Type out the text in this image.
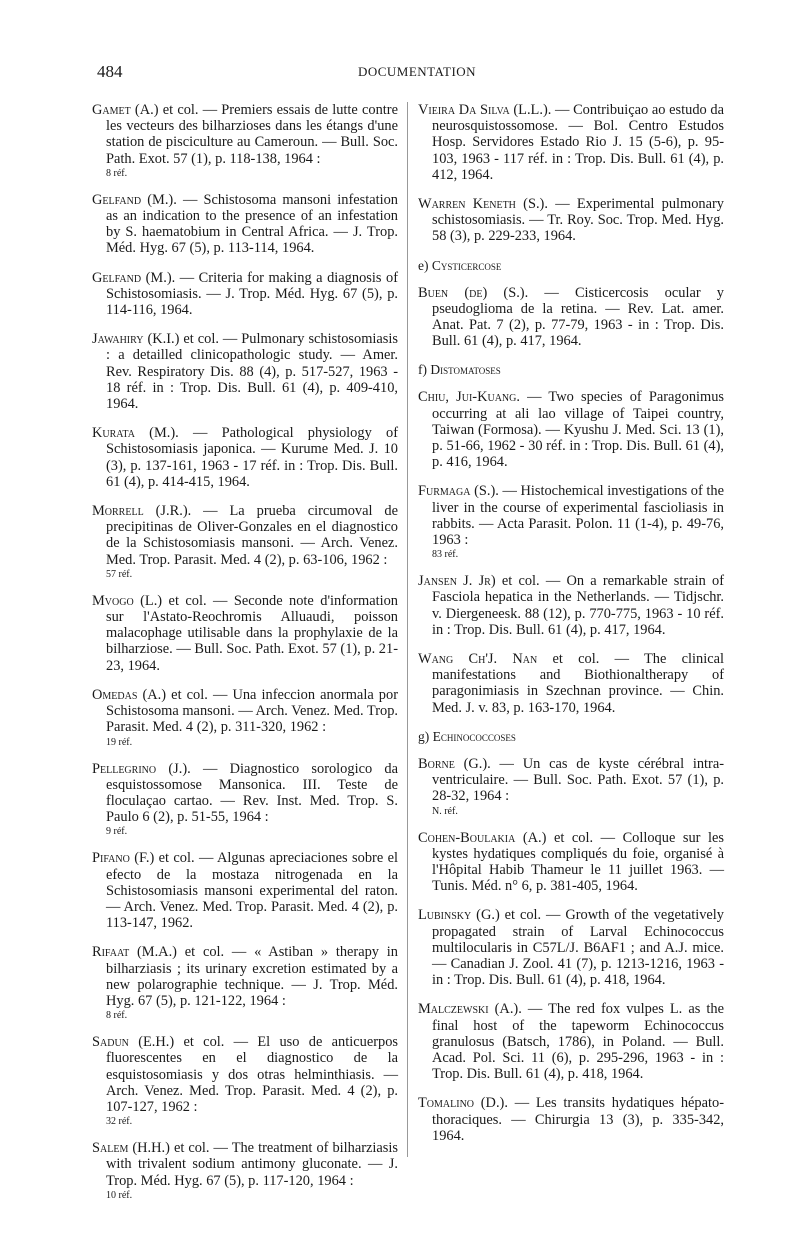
484	DOCUMENTATION

Gamet (A.) et col. — Premiers essais de lutte contre les vecteurs des bilharzioses dans les étangs d'une station de pisciculture au Cameroun. — Bull. Soc. Path. Exot. 57 (1), p. 118-138, 1964 :
8 réf.

Gelfand (M.). — Schistosoma mansoni infestation as an indication to the presence of an infestation by S. haematobium in Central Africa. — J. Trop. Méd. Hyg. 67 (5), p. 113-114, 1964.

Gelfand (M.). — Criteria for making a diagnosis of Schistosomiasis. — J. Trop. Méd. Hyg. 67 (5), p. 114-116, 1964.

Jawahiry (K.I.) et col. — Pulmonary schistosomiasis : a detailled clinicopathologic study. — Amer. Rev. Respiratory Dis. 88 (4), p. 517-527, 1963 - 18 réf. in : Trop. Dis. Bull. 61 (4), p. 409-410, 1964.

Kurata (M.). — Pathological physiology of Schistosomiasis japonica. — Kurume Med. J. 10 (3), p. 137-161, 1963 - 17 réf. in : Trop. Dis. Bull. 61 (4), p. 414-415, 1964.

Morrell (J.R.). — La prueba circumoval de precipitinas de Oliver-Gonzales en el diagnostico de la Schistosomiasis mansoni. — Arch. Venez. Med. Trop. Parasit. Med. 4 (2), p. 63-106, 1962 :
57 réf.

Mvogo (L.) et col. — Seconde note d'information sur l'Astato-Reochromis Alluaudi, poisson malacophage utilisable dans la prophylaxie de la bilharziose. — Bull. Soc. Path. Exot. 57 (1), p. 21-23, 1964.

Omedas (A.) et col. — Una infeccion anormala por Schistosoma mansoni. — Arch. Venez. Med. Trop. Parasit. Med. 4 (2), p. 311-320, 1962 :
19 réf.

Pellegrino (J.). — Diagnostico sorologico da esquistossomose Mansonica. III. Teste de floculaçao cartao. — Rev. Inst. Med. Trop. S. Paulo 6 (2), p. 51-55, 1964 :
9 réf.

Pifano (F.) et col. — Algunas apreciaciones sobre el efecto de la mostaza nitrogenada en la Schistosomiasis mansoni experimental del raton. — Arch. Venez. Med. Trop. Parasit. Med. 4 (2), p. 113-147, 1962.

Rifaat (M.A.) et col. — « Astiban » therapy in bilharziasis ; its urinary excretion estimated by a new polarographie technique. — J. Trop. Méd. Hyg. 67 (5), p. 121-122, 1964 :
8 réf.

Sadun (E.H.) et col. — El uso de anticuerpos fluorescentes en el diagnostico de la esquistosomiasis y dos otras helminthiasis. — Arch. Venez. Med. Trop. Parasit. Med. 4 (2), p. 107-127, 1962 :
32 réf.

Salem (H.H.) et col. — The treatment of bilharziasis with trivalent sodium antimony gluconate. — J. Trop. Méd. Hyg. 67 (5), p. 117-120, 1964 :
10 réf.

Vieira Da Silva (L.L.). — Contribuiçao ao estudo da neurosquistossomose. — Bol. Centro Estudos Hosp. Servidores Estado Rio J. 15 (5-6), p. 95-103, 1963 - 117 réf. in : Trop. Dis. Bull. 61 (4), p. 412, 1964.

Warren Keneth (S.). — Experimental pulmonary schistosomiasis. — Tr. Roy. Soc. Trop. Med. Hyg. 58 (3), p. 229-233, 1964.

e) Cysticercose

Buen (de) (S.). — Cisticercosis ocular y pseudoglioma de la retina. — Rev. Lat. amer. Anat. Pat. 7 (2), p. 77-79, 1963 - in : Trop. Dis. Bull. 61 (4), p. 417, 1964.

f) Distomatoses

Chiu, Jui-Kuang. — Two species of Paragonimus occurring at ali lao village of Taipei country, Taiwan (Formosa). — Kyushu J. Med. Sci. 13 (1), p. 51-66, 1962 - 30 réf. in : Trop. Dis. Bull. 61 (4), p. 416, 1964.

Furmaga (S.). — Histochemical investigations of the liver in the course of experimental fascioliasis in rabbits. — Acta Parasit. Polon. 11 (1-4), p. 49-76, 1963 :
83 réf.

Jansen J. Jr) et col. — On a remarkable strain of Fasciola hepatica in the Netherlands. — Tidjschr. v. Diergeneesk. 88 (12), p. 770-775, 1963 - 10 réf. in : Trop. Dis. Bull. 61 (4), p. 417, 1964.

Wang Ch'J. Nan et col. — The clinical manifestations and Biothionaltherapy of paragonimiasis in Szechnan province. — Chin. Med. J. v. 83, p. 163-170, 1964.

g) Echinococcoses

Borne (G.). — Un cas de kyste cérébral intra-ventriculaire. — Bull. Soc. Path. Exot. 57 (1), p. 28-32, 1964 :
N. réf.

Cohen-Boulakia (A.) et col. — Colloque sur les kystes hydatiques compliqués du foie, organisé à l'Hôpital Habib Thameur le 11 juillet 1963. — Tunis. Méd. n° 6, p. 381-405, 1964.

Lubinsky (G.) et col. — Growth of the vegetatively propagated strain of Larval Echinococcus multilocularis in C57L/J. B6AF1 ; and A.J. mice. — Canadian J. Zool. 41 (7), p. 1213-1216, 1963 - in : Trop. Dis. Bull. 61 (4), p. 418, 1964.

Malczewski (A.). — The red fox vulpes L. as the final host of the tapeworm Echinococcus granulosus (Batsch, 1786), in Poland. — Bull. Acad. Pol. Sci. 11 (6), p. 295-296, 1963 - in : Trop. Dis. Bull. 61 (4), p. 418, 1964.

Tomalino (D.). — Les transits hydatiques hépato-thoraciques. — Chirurgia 13 (3), p. 335-342, 1964.
